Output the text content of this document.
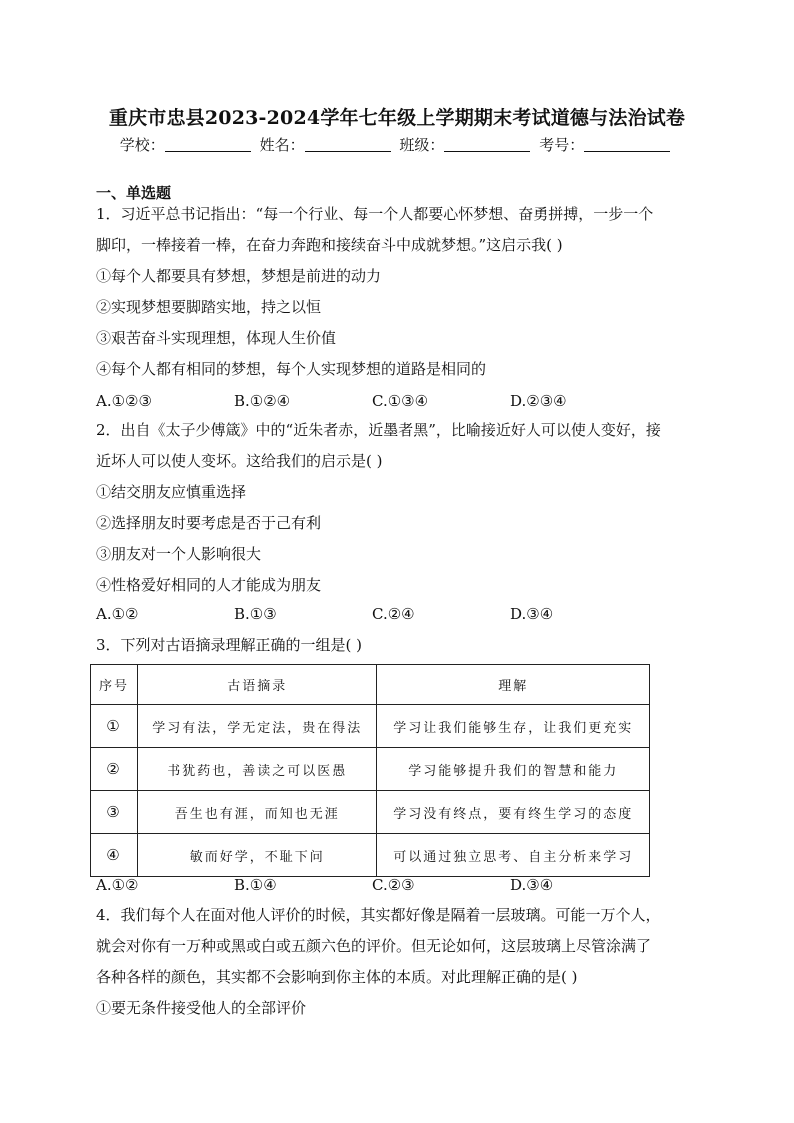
重庆市忠县2023-2024学年七年级上学期期末考试道德与法治试卷
学校：	姓名：	班级：	考号：
一、单选题
1．习近平总书记指出：“每一个行业、每一个人都要心怀梦想、奋勇拼搏，一步一个
脚印，一棒接着一棒，在奋力奔跑和接续奋斗中成就梦想。”这启示我( )
①每个人都要具有梦想，梦想是前进的动力
②实现梦想要脚踏实地，持之以恒
③艰苦奋斗实现理想，体现人生价值
④每个人都有相同的梦想，每个人实现梦想的道路是相同的
A.①②③	B.①②④	C.①③④	D.②③④
2．出自《太子少傅箴》中的“近朱者赤，近墨者黑”，比喻接近好人可以使人变好，接
近坏人可以使人变坏。这给我们的启示是( )
①结交朋友应慎重选择
②选择朋友时要考虑是否于己有利
③朋友对一个人影响很大
④性格爱好相同的人才能成为朋友
A.①②	B.①③	C.②④	D.③④
3．下列对古语摘录理解正确的一组是( )
序号	古语摘录	理解
①	学习有法，学无定法，贵在得法	学习让我们能够生存，让我们更充实
②	书犹药也，善读之可以医愚	学习能够提升我们的智慧和能力
③	吾生也有涯，而知也无涯	学习没有终点，要有终生学习的态度
④	敏而好学，不耻下问	可以通过独立思考、自主分析来学习
A.①②	B.①④	C.②③	D.③④
4．我们每个人在面对他人评价的时候，其实都好像是隔着一层玻璃。可能一万个人，
就会对你有一万种或黑或白或五颜六色的评价。但无论如何，这层玻璃上尽管涂满了
各种各样的颜色，其实都不会影响到你主体的本质。对此理解正确的是( )
①要无条件接受他人的全部评价
